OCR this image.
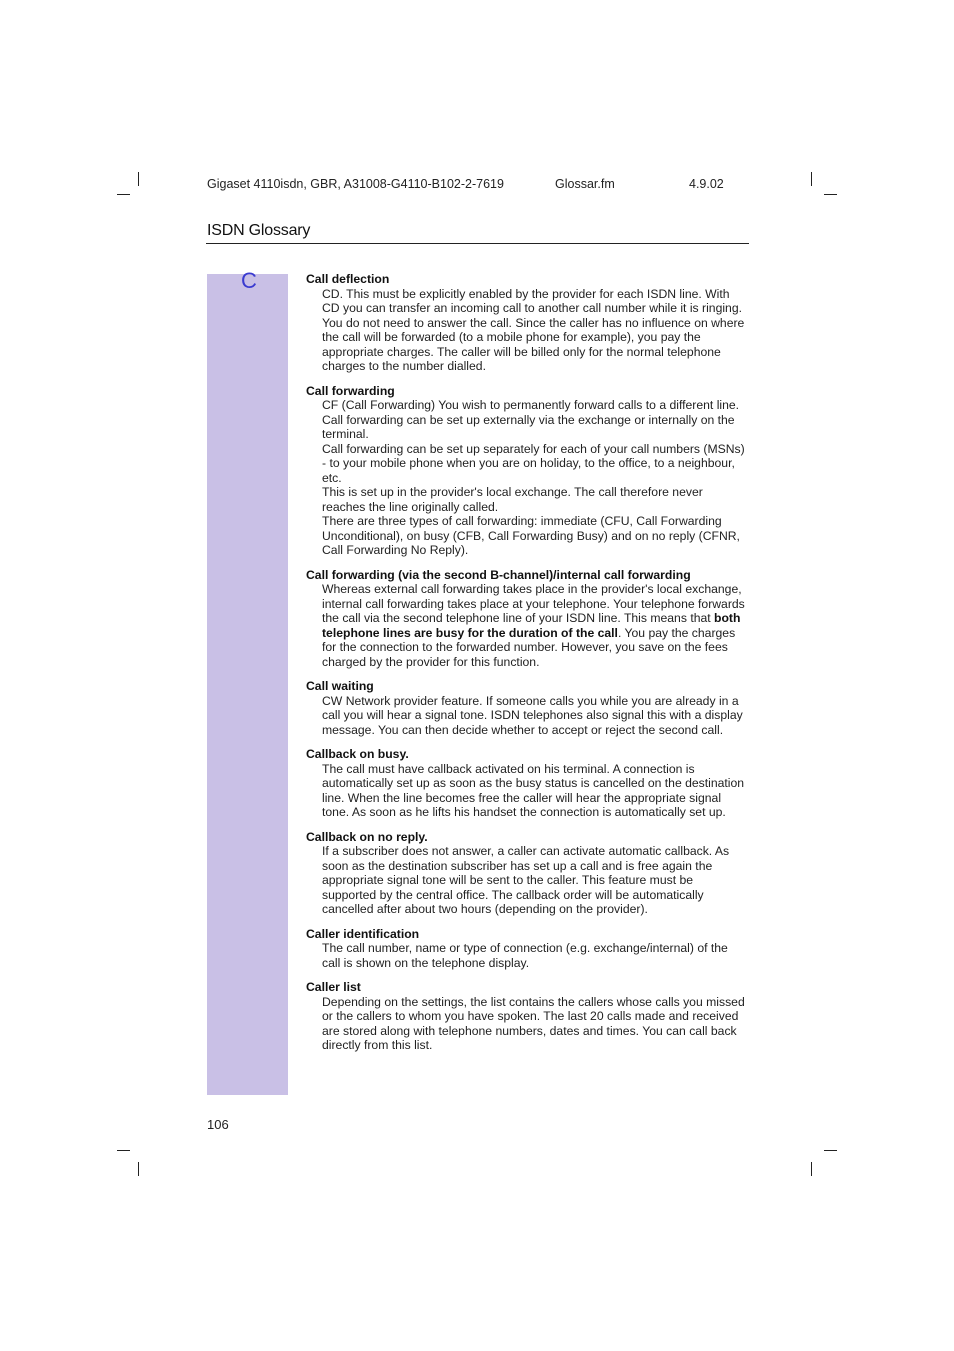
Gigaset 4110isdn, GBR, A31008-G4110-B102-2-7619	Glossar.fm	4.9.02
ISDN Glossary
C	Call deflection
CD. This must be explicitly enabled by the provider for each ISDN line. With CD you can transfer an incoming call to another call number while it is ringing. You do not need to answer the call. Since the caller has no influence on where the call will be forwarded (to a mobile phone for example), you pay the appropriate charges. The caller will be billed only for the normal telephone charges to the number dialled.
Call forwarding
CF (Call Forwarding) You wish to permanently forward calls to a different line. Call forwarding can be set up externally via the exchange or internally on the terminal.
Call forwarding can be set up separately for each of your call numbers (MSNs) - to your mobile phone when you are on holiday, to the office, to a neighbour, etc.
This is set up in the provider's local exchange. The call therefore never reaches the line originally called.
There are three types of call forwarding: immediate (CFU, Call Forwarding Unconditional), on busy (CFB, Call Forwarding Busy) and on no reply (CFNR, Call Forwarding No Reply).
Call forwarding (via the second B-channel)/internal call forwarding
Whereas external call forwarding takes place in the provider's local exchange, internal call forwarding takes place at your telephone. Your telephone forwards the call via the second telephone line of your ISDN line. This means that both telephone lines are busy for the duration of the call. You pay the charges for the connection to the forwarded number. However, you save on the fees charged by the provider for this function.
Call waiting
CW Network provider feature. If someone calls you while you are already in a call you will hear a signal tone. ISDN telephones also signal this with a display message. You can then decide whether to accept or reject the second call.
Callback on busy.
The call must have callback activated on his terminal. A connection is automatically set up as soon as the busy status is cancelled on the destination line. When the line becomes free the caller will hear the appropriate signal tone. As soon as he lifts his handset the connection is automatically set up.
Callback on no reply.
If a subscriber does not answer, a caller can activate automatic callback. As soon as the destination subscriber has set up a call and is free again the appropriate signal tone will be sent to the caller. This feature must be supported by the central office. The callback order will be automatically cancelled after about two hours (depending on the provider).
Caller identification
The call number, name or type of connection (e.g. exchange/internal) of the call is shown on the telephone display.
Caller list
Depending on the settings, the list contains the callers whose calls you missed or the callers to whom you have spoken. The last 20 calls made and received are stored along with telephone numbers, dates and times. You can call back directly from this list.
106
